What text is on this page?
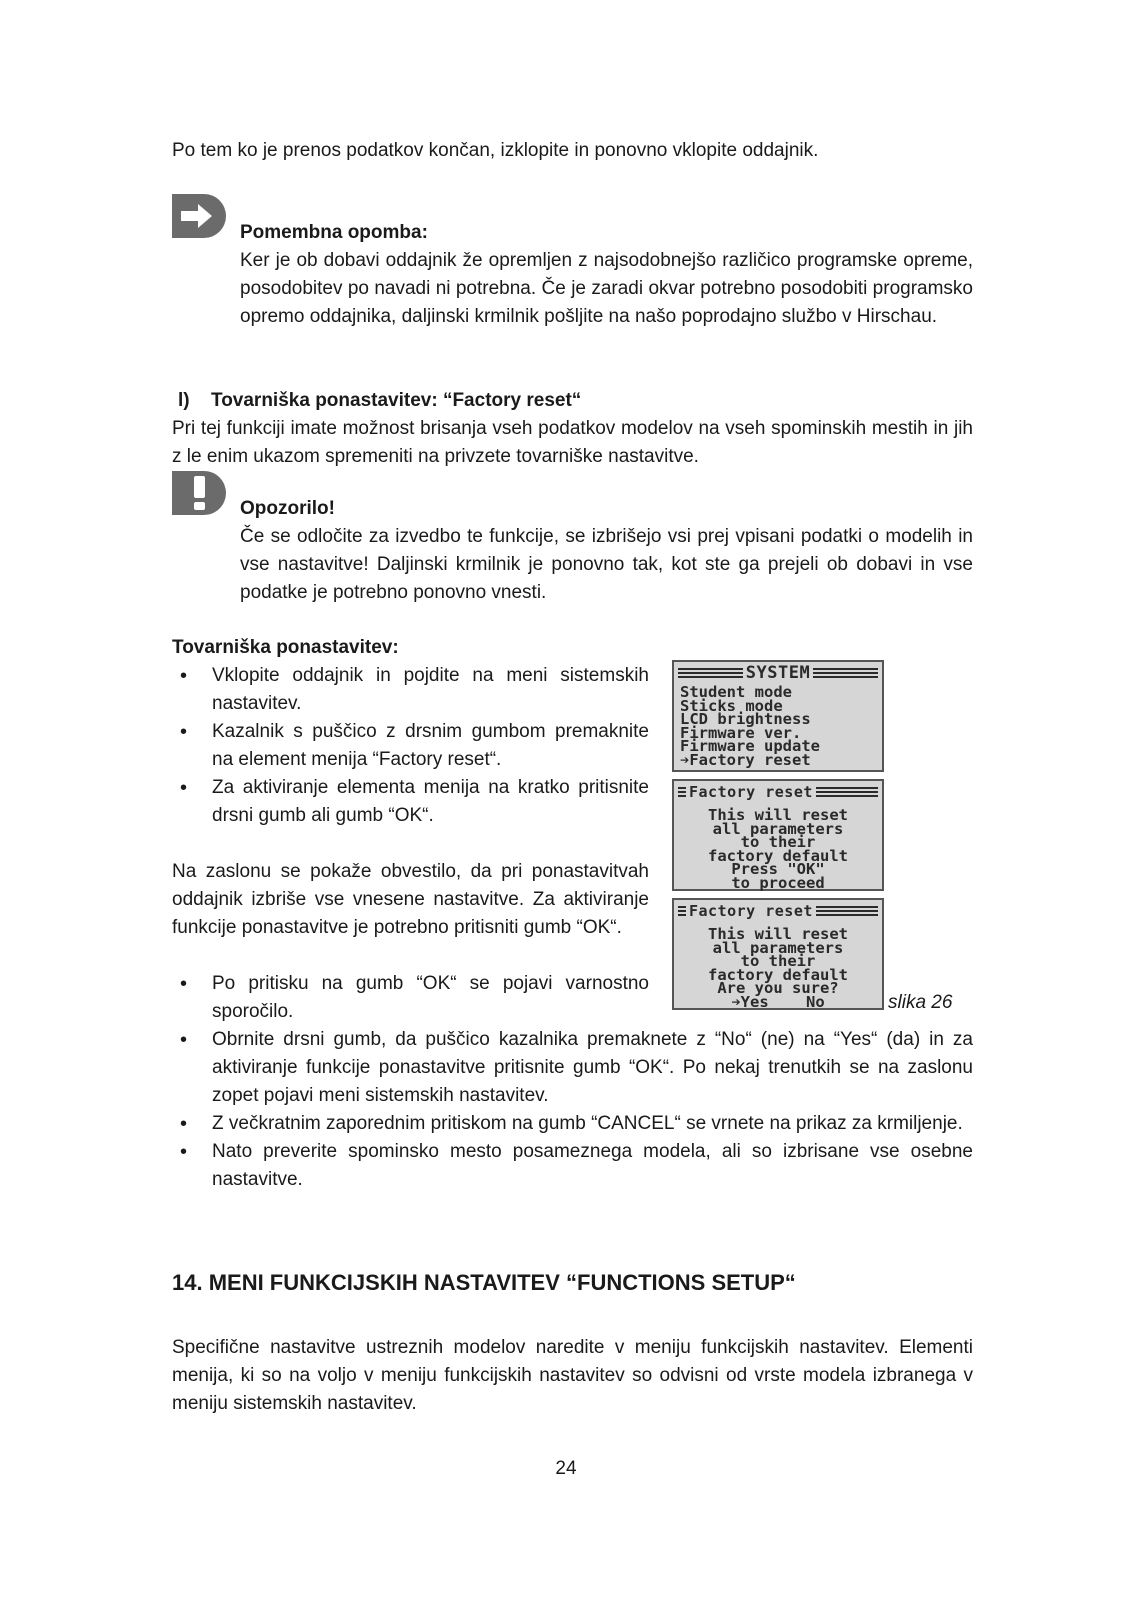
Po tem ko je prenos podatkov končan, izklopite in ponovno vklopite oddajnik.

Pomembna opomba:

Ker je ob dobavi oddajnik že opremljen z najsodobnejšo različico programske opreme, posodobitev po navadi ni potrebna. Če je zaradi okvar potrebno posodobiti programsko opremo oddajnika, daljinski krmilnik pošljite na našo poprodajno službo v Hirschau.

l) Tovarniška ponastavitev: “Factory reset“

Pri tej funkciji imate možnost brisanja vseh podatkov modelov na vseh spominskih mestih in jih z le enim ukazom spremeniti na privzete tovarniške nastavitve.

Opozorilo!

Če se odločite za izvedbo te funkcije, se izbrišejo vsi prej vpisani podatki o modelih in vse nastavitve! Daljinski krmilnik je ponovno tak, kot ste ga prejeli ob dobavi in vse podatke je potrebno ponovno vnesti.

Tovarniška ponastavitev:

• Vklopite oddajnik in pojdite na meni sistemskih nastavitev.
• Kazalnik s puščico z drsnim gumbom premaknite na element menija “Factory reset“.
• Za aktiviranje elementa menija na kratko pritisnite drsni gumb ali gumb “OK“.

Na zaslonu se pokaže obvestilo, da pri ponastavitvah oddajnik izbriše vse vnesene nastavitve. Za aktiviranje funkcije ponastavitve je potrebno pritisniti gumb “OK“.

• Po pritisku na gumb “OK“ se pojavi varnostno sporočilo.
SYSTEM
Student mode
Sticks mode
LCD brightness
Firmware ver.
Firmware update
➔Factory reset
Factory reset
This will reset
all parameters
to their
factory default
Press "OK"
to proceed
Factory reset
This will reset
all parameters
to their
factory default
Are you sure?
➔Yes    No	slika 26
• Obrnite drsni gumb, da puščico kazalnika premaknete z “No“ (ne) na “Yes“ (da) in za aktiviranje funkcije ponastavitve pritisnite gumb “OK“. Po nekaj trenutkih se na zaslonu zopet pojavi meni sistemskih nastavitev.
• Z večkratnim zaporednim pritiskom na gumb “CANCEL“ se vrnete na prikaz za krmiljenje.
• Nato preverite spominsko mesto posameznega modela, ali so izbrisane vse osebne nastavitve.
14. MENI FUNKCIJSKIH NASTAVITEV “FUNCTIONS SETUP“

Specifične nastavitve ustreznih modelov naredite v meniju funkcijskih nastavitev. Elementi menija, ki so na voljo v meniju funkcijskih nastavitev so odvisni od vrste modela izbranega v meniju sistemskih nastavitev.

24
